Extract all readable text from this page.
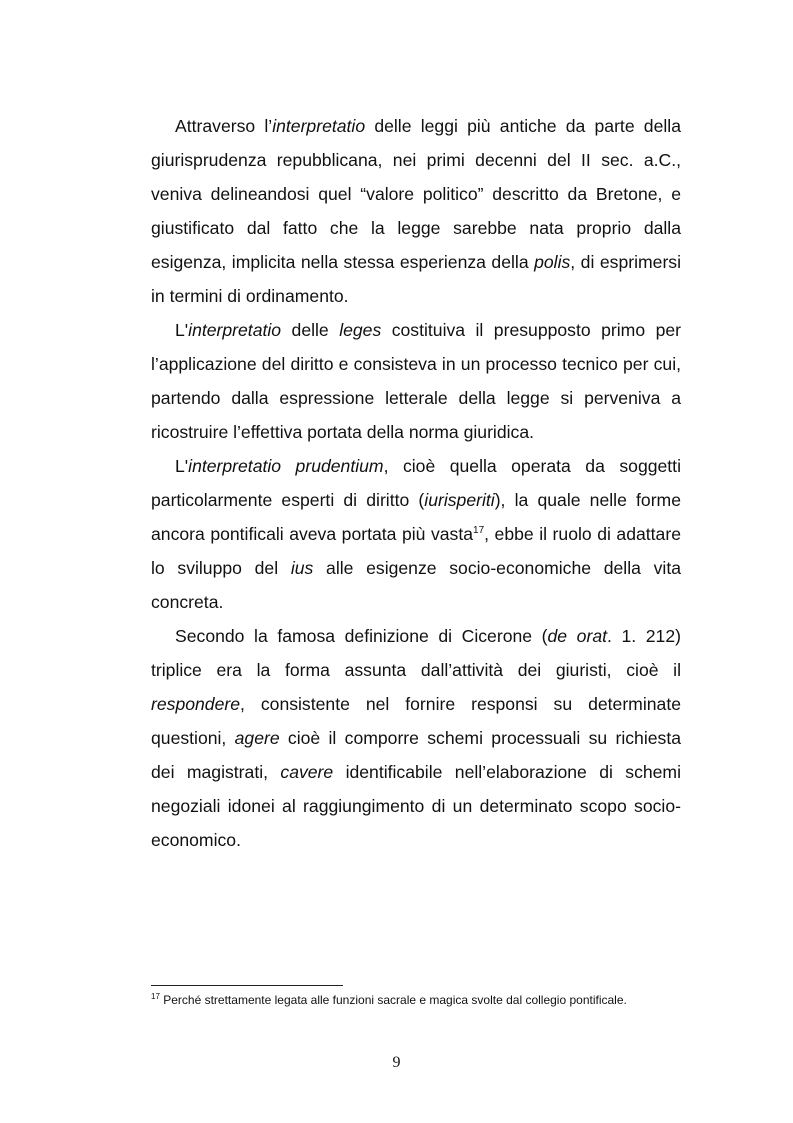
Attraverso l’interpretatio delle leggi più antiche da parte della giurisprudenza repubblicana, nei primi decenni del II sec. a.C., veniva delineandosi quel “valore politico” descritto da Bretone, e giustificato dal fatto che la legge sarebbe nata proprio dalla esigenza, implicita nella stessa esperienza della polis, di esprimersi in termini di ordinamento.

L'interpretatio delle leges costituiva il presupposto primo per l’applicazione del diritto e consisteva in un processo tecnico per cui, partendo dalla espressione letterale della legge si perveniva a ricostruire l’effettiva portata della norma giuridica.

L'interpretatio prudentium, cioè quella operata da soggetti particolarmente esperti di diritto (iurisperiti), la quale nelle forme ancora pontificali aveva portata più vasta$^{17}$, ebbe il ruolo di adattare lo sviluppo del ius alle esigenze socio-economiche della vita concreta.

Secondo la famosa definizione di Cicerone (de orat. 1. 212) triplice era la forma assunta dall’attività dei giuristi, cioè il respondere, consistente nel fornire responsi su determinate questioni, agere cioè il comporre schemi processuali su richiesta dei magistrati, cavere identificabile nell’elaborazione di schemi negoziali idonei al raggiungimento di un determinato scopo socio-economico.

$^{17}$ Perché strettamente legata alle funzioni sacrale e magica svolte dal collegio pontificale.
9
